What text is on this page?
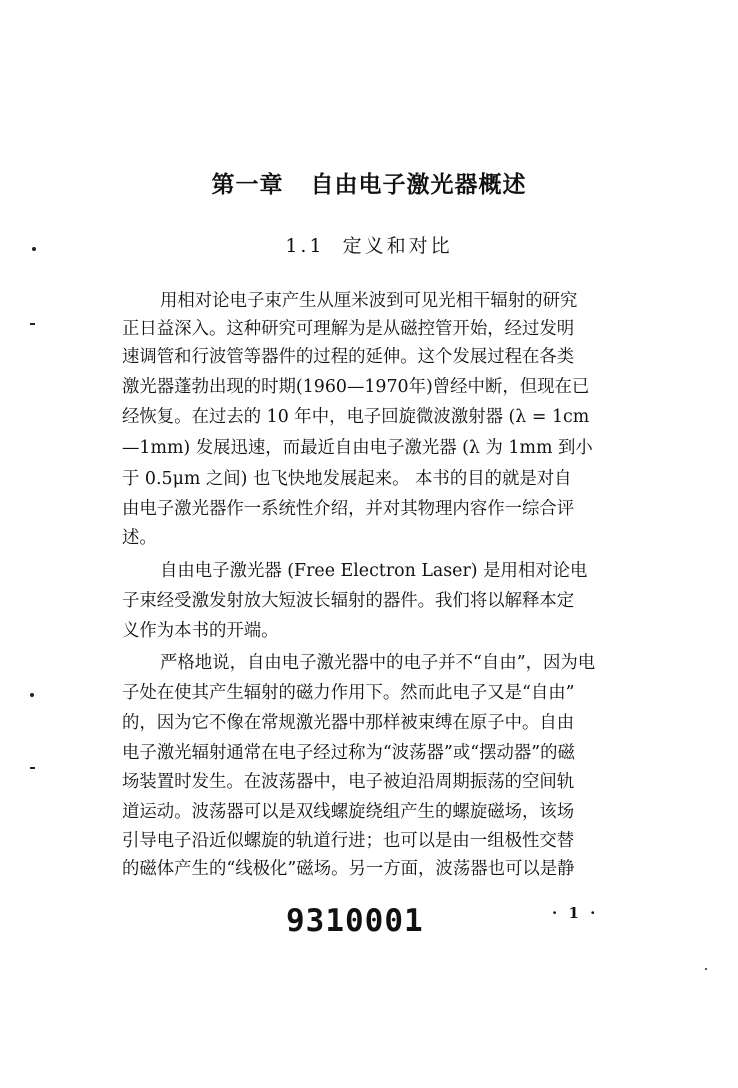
第一章   自由电子激光器概述
1.1  定义和对比
用相对论电子束产生从厘米波到可见光相干辐射的研究
正日益深入。这种研究可理解为是从磁控管开始，经过发明
速调管和行波管等器件的过程的延伸。这个发展过程在各类
激光器蓬勃出现的时期(1960—1970年)曾经中断，但现在已
经恢复。在过去的 10 年中，电子回旋微波激射器 (λ = 1cm
—1mm) 发展迅速，而最近自由电子激光器 (λ 为 1mm 到小
于 0.5μm 之间) 也飞快地发展起来。 本书的目的就是对自
由电子激光器作一系统性介绍，并对其物理内容作一综合评
述。
自由电子激光器 (Free Electron Laser) 是用相对论电
子束经受激发射放大短波长辐射的器件。我们将以解释本定
义作为本书的开端。
严格地说，自由电子激光器中的电子并不“自由”，因为电
子处在使其产生辐射的磁力作用下。然而此电子又是“自由”
的，因为它不像在常规激光器中那样被束缚在原子中。自由
电子激光辐射通常在电子经过称为“波荡器”或“摆动器”的磁
场装置时发生。在波荡器中，电子被迫沿周期振荡的空间轨
道运动。波荡器可以是双线螺旋绕组产生的螺旋磁场，该场
引导电子沿近似螺旋的轨道行进；也可以是由一组极性交替
的磁体产生的“线极化”磁场。另一方面，波荡器也可以是静
9310001	· 1 ·
